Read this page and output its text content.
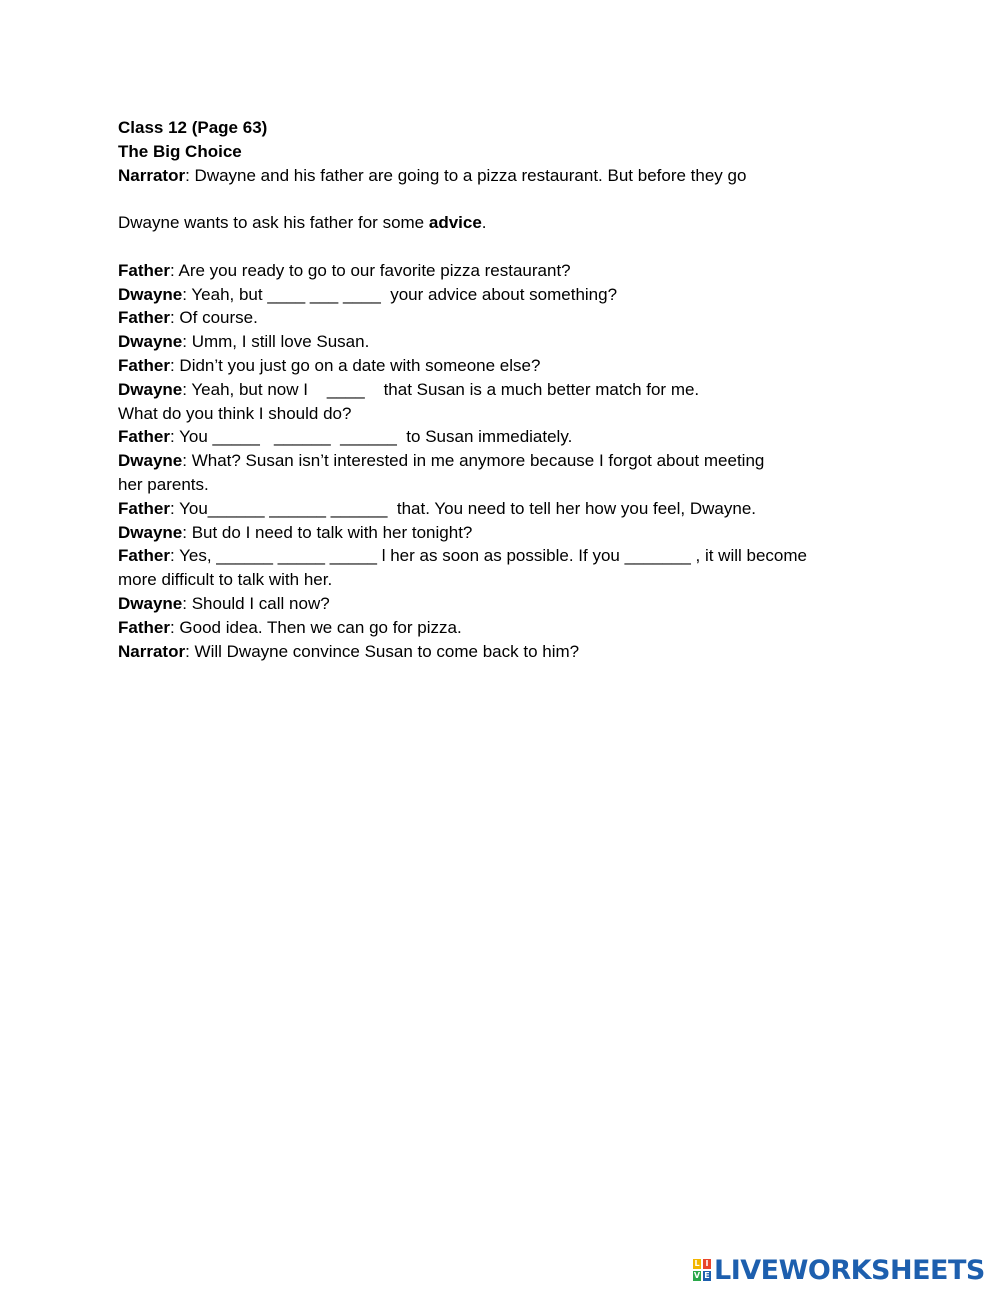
Class 12 (Page 63)

The Big Choice

Narrator: Dwayne and his father are going to a pizza restaurant. But before they go

Dwayne wants to ask his father for some advice.

Father: Are you ready to go to our favorite pizza restaurant?

Dwayne: Yeah, but ____ ___ ____  your advice about something?

Father: Of course.

Dwayne: Umm, I still love Susan.

Father: Didn’t you just go on a date with someone else?

Dwayne: Yeah, but now I    ____    that Susan is a much better match for me.

What do you think I should do?

Father: You _____   ______  ______  to Susan immediately.

Dwayne: What? Susan isn’t interested in me anymore because I forgot about meeting

her parents.

Father: You______ ______ ______  that. You need to tell her how you feel, Dwayne.

Dwayne: But do I need to talk with her tonight?

Father: Yes, ______ _____ _____ l her as soon as possible. If you _______ , it will become

more difficult to talk with her.

Dwayne: Should I call now?

Father: Good idea. Then we can go for pizza.

Narrator: Will Dwayne convince Susan to come back to him?

L I
V E LIVEWORKSHEETS
